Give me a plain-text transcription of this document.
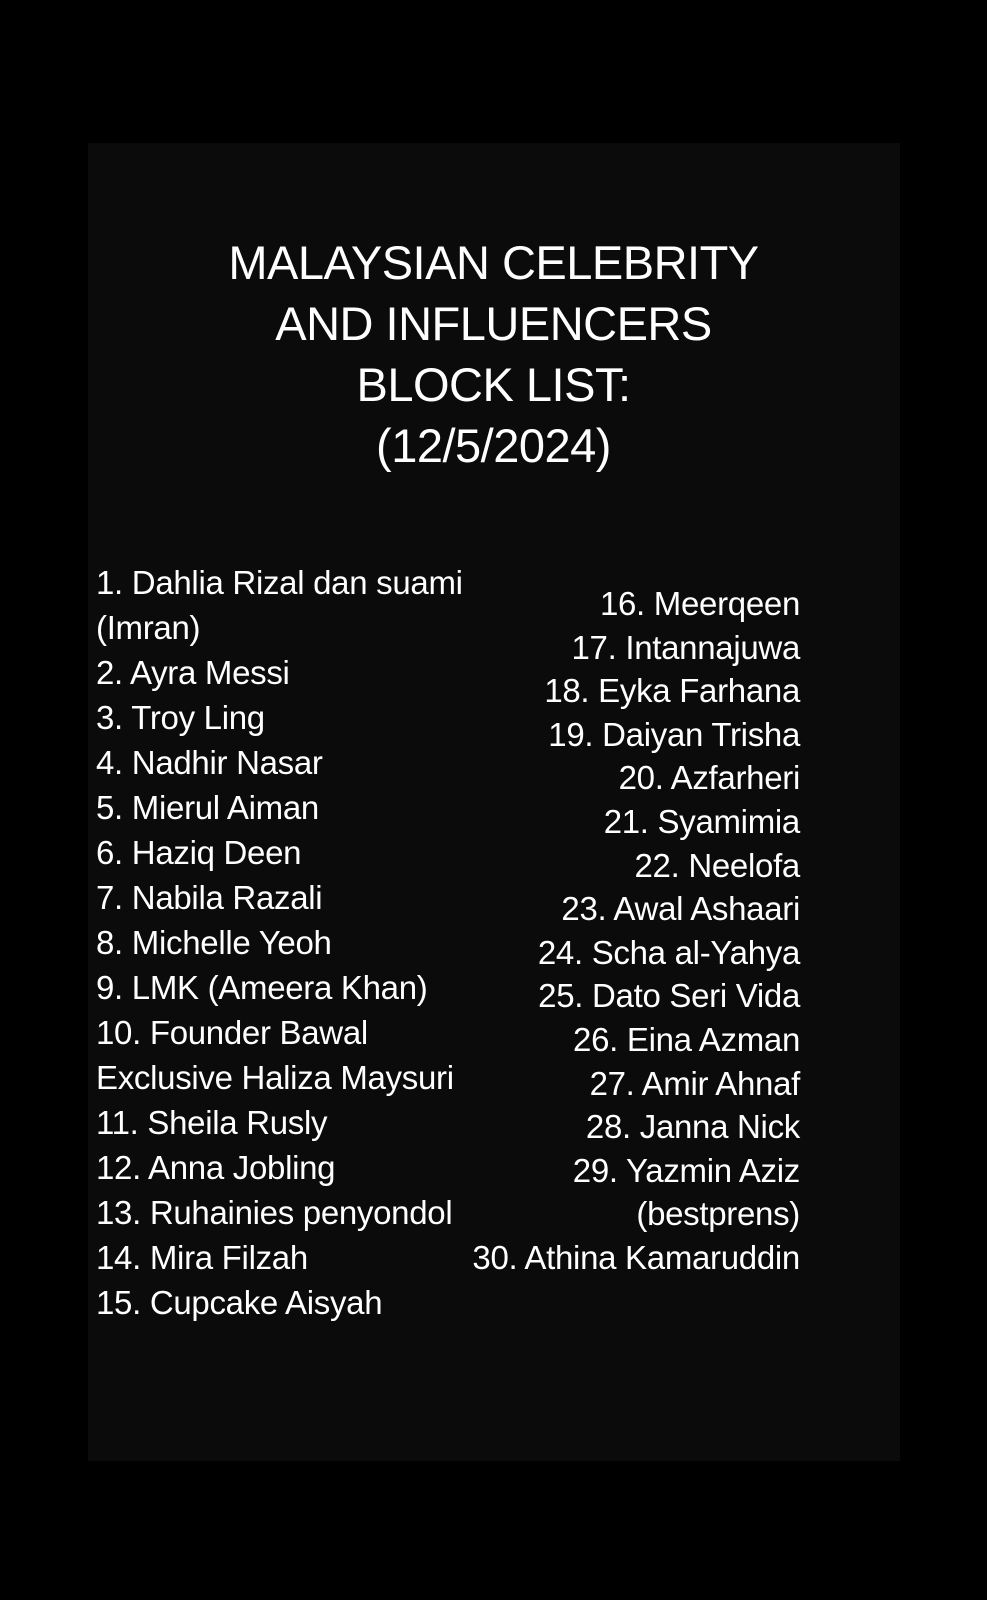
MALAYSIAN CELEBRITY
AND INFLUENCERS
BLOCK LIST:
(12/5/2024)
1. Dahlia Rizal dan suami
(Imran)
2. Ayra Messi
3. Troy Ling
4. Nadhir Nasar
5. Mierul Aiman
6. Haziq Deen
7. Nabila Razali
8. Michelle Yeoh
9. LMK (Ameera Khan)
10. Founder Bawal
Exclusive Haliza Maysuri
11. Sheila Rusly
12. Anna Jobling
13. Ruhainies penyondol
14. Mira Filzah
15. Cupcake Aisyah
16. Meerqeen
17. Intannajuwa
18. Eyka Farhana
19. Daiyan Trisha
20. Azfarheri
21. Syamimia
22. Neelofa
23. Awal Ashaari
24. Scha al-Yahya
25. Dato Seri Vida
26. Eina Azman
27. Amir Ahnaf
28. Janna Nick
29. Yazmin Aziz
(bestprens)
30. Athina Kamaruddin
